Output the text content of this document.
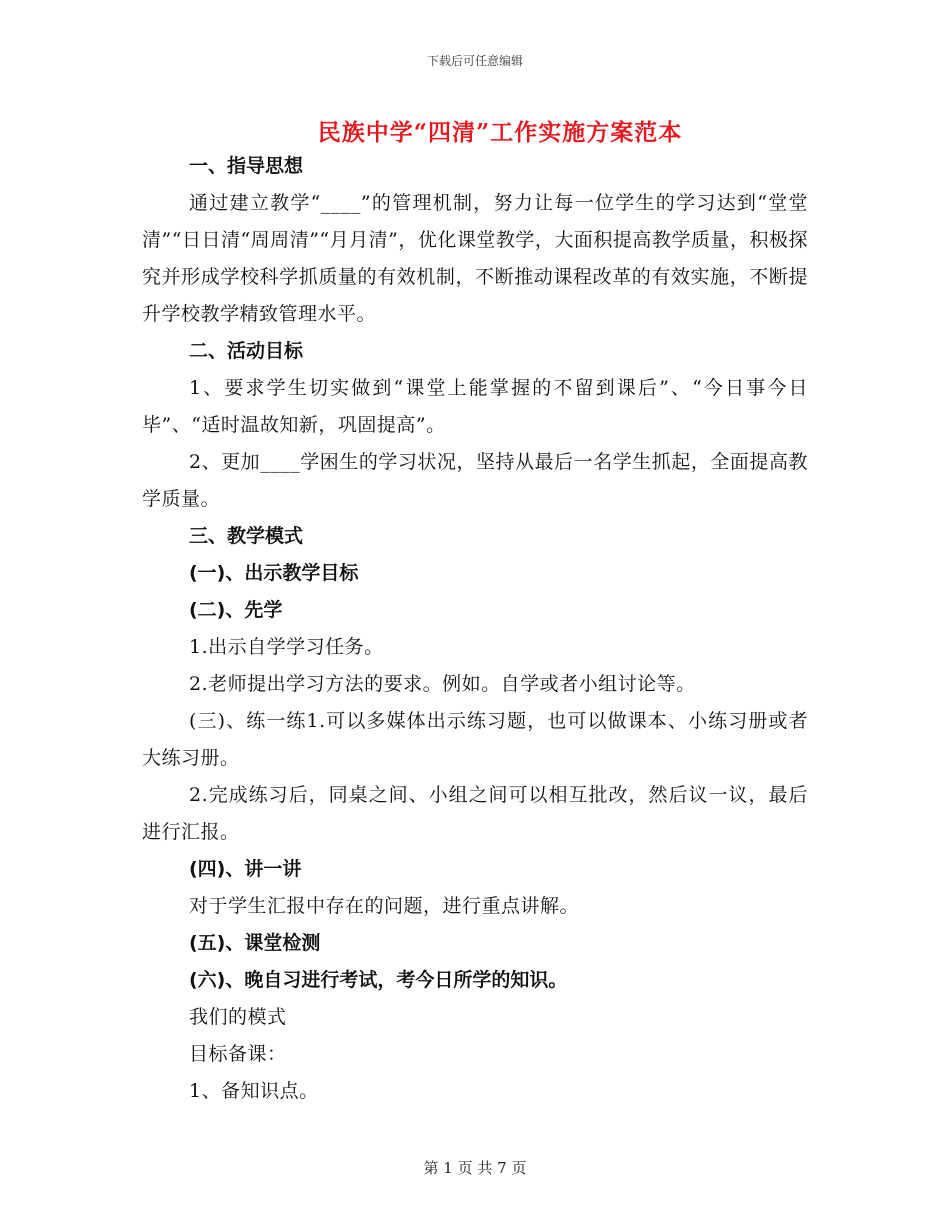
下载后可任意编辑
民族中学“四清”工作实施方案范本

一、指导思想

通过建立教学“____”的管理机制，努力让每一位学生的学习达到“堂堂清”“日日清“周周清”“月月清”，优化课堂教学，大面积提高教学质量，积极探究并形成学校科学抓质量的有效机制，不断推动课程改革的有效实施，不断提升学校教学精致管理水平。

二、活动目标

1、要求学生切实做到“课堂上能掌握的不留到课后”、“今日事今日毕”、“适时温故知新，巩固提高”。

2、更加____学困生的学习状况，坚持从最后一名学生抓起，全面提高教学质量。

三、教学模式

(一)、出示教学目标

(二)、先学

1.出示自学学习任务。

2.老师提出学习方法的要求。例如。自学或者小组讨论等。

(三)、练一练1.可以多媒体出示练习题，也可以做课本、小练习册或者大练习册。

2.完成练习后，同桌之间、小组之间可以相互批改，然后议一议，最后进行汇报。

(四)、讲一讲

对于学生汇报中存在的问题，进行重点讲解。

(五)、课堂检测

(六)、晚自习进行考试，考今日所学的知识。

我们的模式

目标备课：

1、备知识点。

第 1 页 共 7 页
